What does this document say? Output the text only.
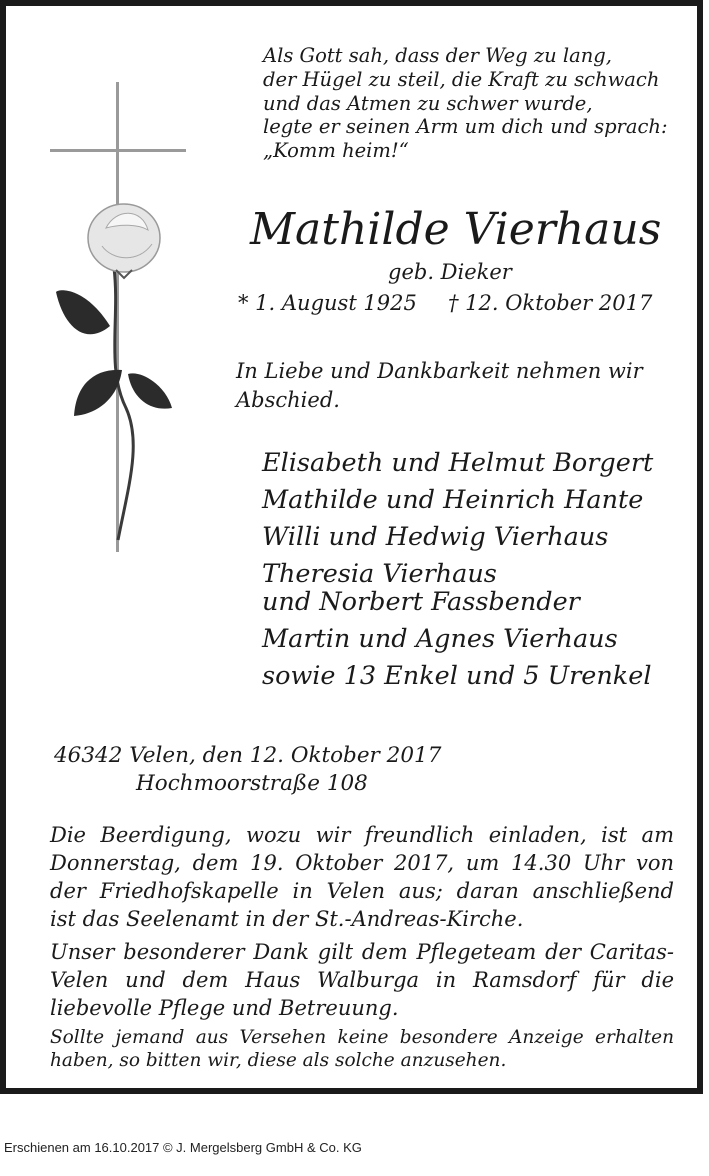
Als Gott sah, dass der Weg zu lang,
der Hügel zu steil, die Kraft zu schwach
und das Atmen zu schwer wurde,
legte er seinen Arm um dich und sprach:
„Komm heim!“
Mathilde Vierhaus
geb. Dieker
* 1. August 1925 † 12. Oktober 2017
In Liebe und Dankbarkeit nehmen wir
Abschied.
Elisabeth und Helmut Borgert
Mathilde und Heinrich Hante
Willi und Hedwig Vierhaus
Theresia Vierhaus
und Norbert Fassbender
Martin und Agnes Vierhaus
sowie 13 Enkel und 5 Urenkel
46342 Velen, den 12. Oktober 2017
Hochmoorstraße 108
Die Beerdigung, wozu wir freundlich einladen, ist am
Donnerstag, dem 19. Oktober 2017, um 14.30 Uhr von
der Friedhofskapelle in Velen aus; daran anschließend
ist das Seelenamt in der St.-Andreas-Kirche.
Unser besonderer Dank gilt dem Pflegeteam der Caritas-
Velen und dem Haus Walburga in Ramsdorf für die
liebevolle Pflege und Betreuung.
Sollte jemand aus Versehen keine besondere Anzeige erhalten
haben, so bitten wir, diese als solche anzusehen.
Erschienen am 16.10.2017 © J. Mergelsberg GmbH & Co. KG
